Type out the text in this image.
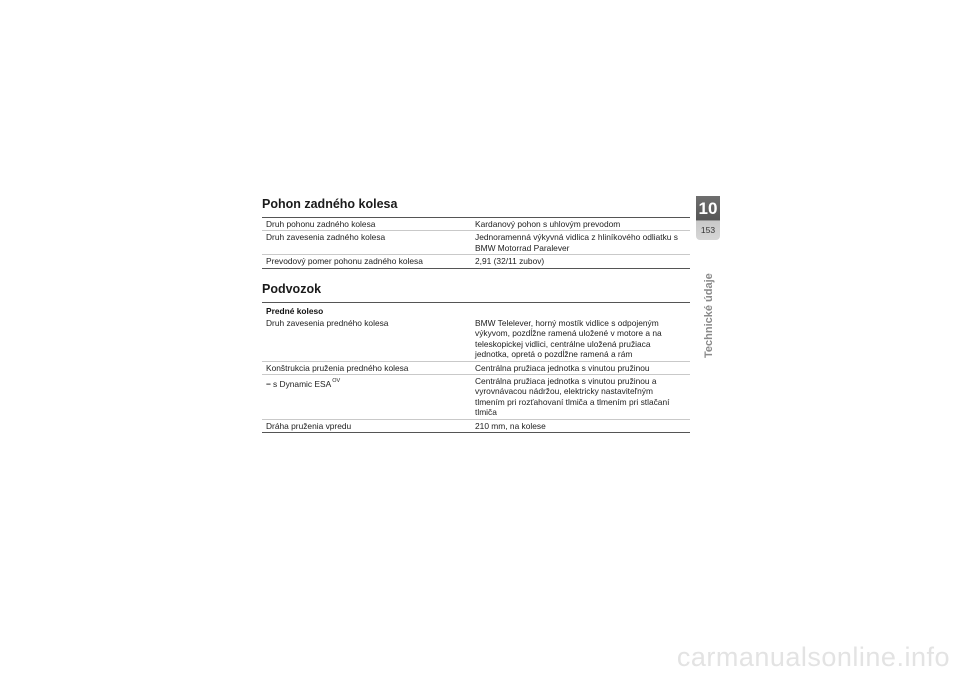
Pohon zadného kolesa
Druh pohonu zadného kolesa	Kardanový pohon s uhlovým prevodom
Druh zavesenia zadného kolesa	Jednoramenná výkyvná vidlica z hliníkového odliatku s BMW Motorrad Paralever
Prevodový pomer pohonu zadného kolesa	2,91 (32/11 zubov)
Podvozok
Predné koleso	
Druh zavesenia predného kolesa	BMW Telelever, horný mostík vidlice s odpojeným výkyvom, pozdĺžne ramená uložené v motore a na teleskopickej vidlici, centrálne uložená pružiaca jednotka, opretá o pozdĺžne ramená a rám
Konštrukcia pruženia predného kolesa	Centrálna pružiaca jednotka s vinutou pružinou
− s Dynamic $ESA^{OV}$	Centrálna pružiaca jednotka s vinutou pružinou a vyrovnávacou nádržou, elektricky nastaviteľným tlmením pri rozťahovaní tlmiča a tlmením pri stlačaní tlmiča
Dráha pruženia vpredu	210 mm, na kolese
10
153
Technické údaje
carmanualsonline.info
